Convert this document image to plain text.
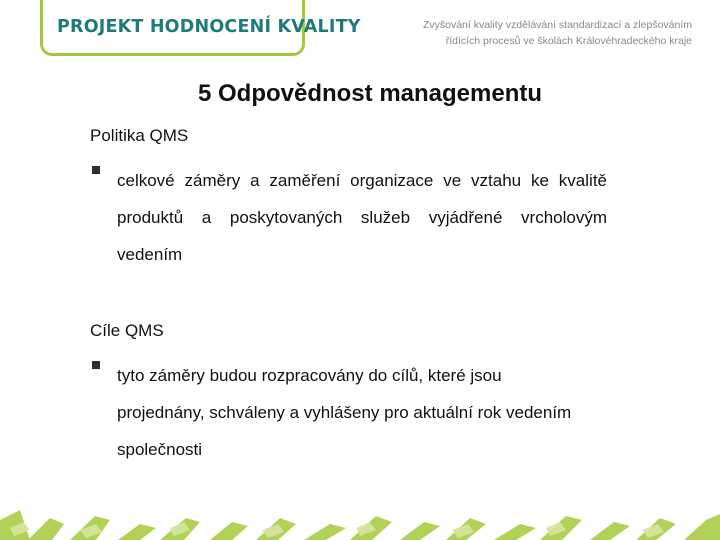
PROJEKT HODNOCENÍ KVALITY	Zvyšování kvality vzdělávání standardizací a zlepšováním
řídících procesů ve školách Královéhradeckého kraje
5 Odpovědnost managementu
Politika QMS
celkové záměry a zaměření organizace ve vztahu ke kvalitě produktů a poskytovaných služeb vyjádřené vrcholovým vedením
Cíle QMS
tyto záměry budou rozpracovány do cílů, které jsou projednány, schváleny a vyhlášeny pro aktuální rok vedením společnosti
